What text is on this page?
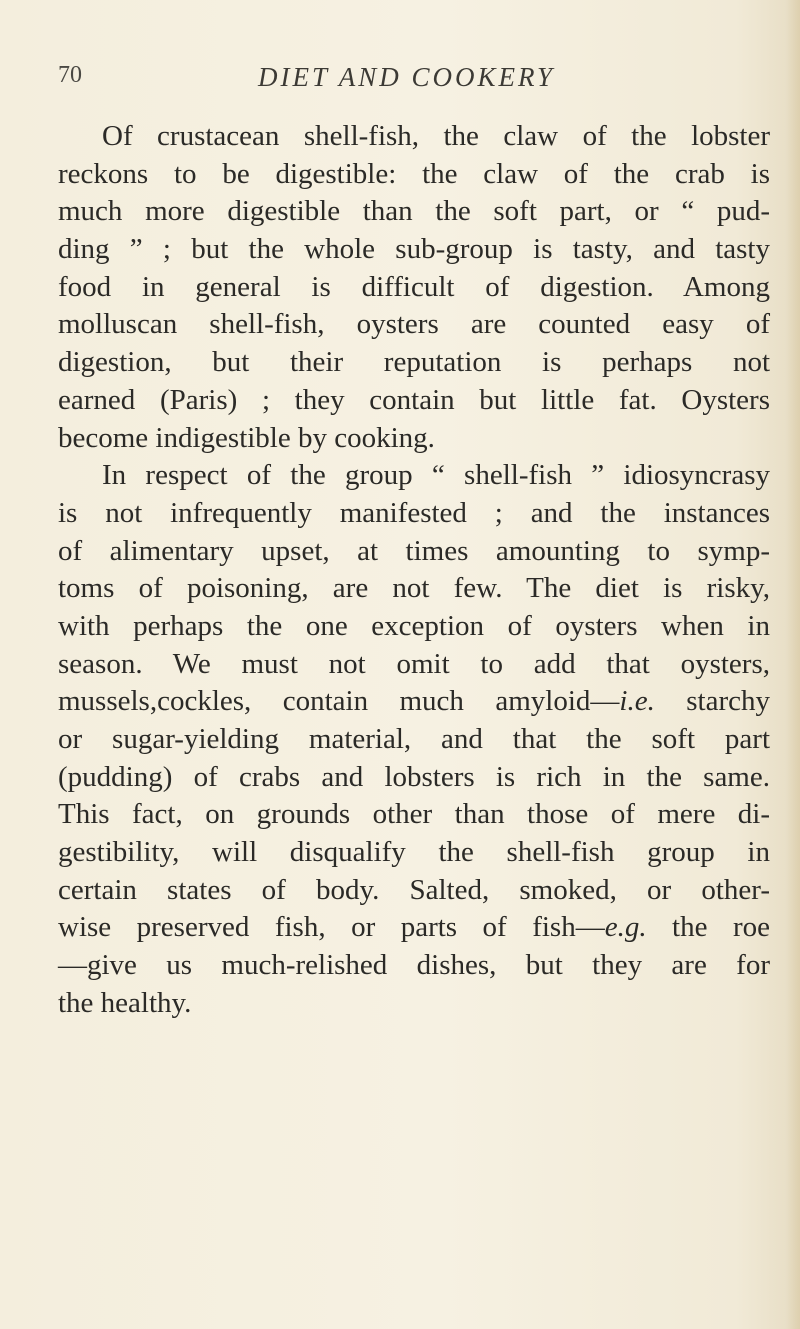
70	DIET AND COOKERY
Of crustacean shell-fish, the claw of the lobster
reckons to be digestible: the claw of the crab is
much more digestible than the soft part, or “ pud-
ding ” ; but the whole sub-group is tasty, and tasty
food in general is difficult of digestion. Among
molluscan shell-fish, oysters are counted easy of
digestion, but their reputation is perhaps not
earned (Paris) ; they contain but little fat. Oysters
become indigestible by cooking.
In respect of the group “ shell-fish ” idiosyncrasy
is not infrequently manifested ; and the instances
of alimentary upset, at times amounting to symp-
toms of poisoning, are not few. The diet is risky,
with perhaps the one exception of oysters when in
season. We must not omit to add that oysters,
mussels,cockles, contain much amyloid—i.e. starchy
or sugar-yielding material, and that the soft part
(pudding) of crabs and lobsters is rich in the same.
This fact, on grounds other than those of mere di-
gestibility, will disqualify the shell-fish group in
certain states of body. Salted, smoked, or other-
wise preserved fish, or parts of fish—e.g. the roe
—give us much-relished dishes, but they are for
the healthy.
